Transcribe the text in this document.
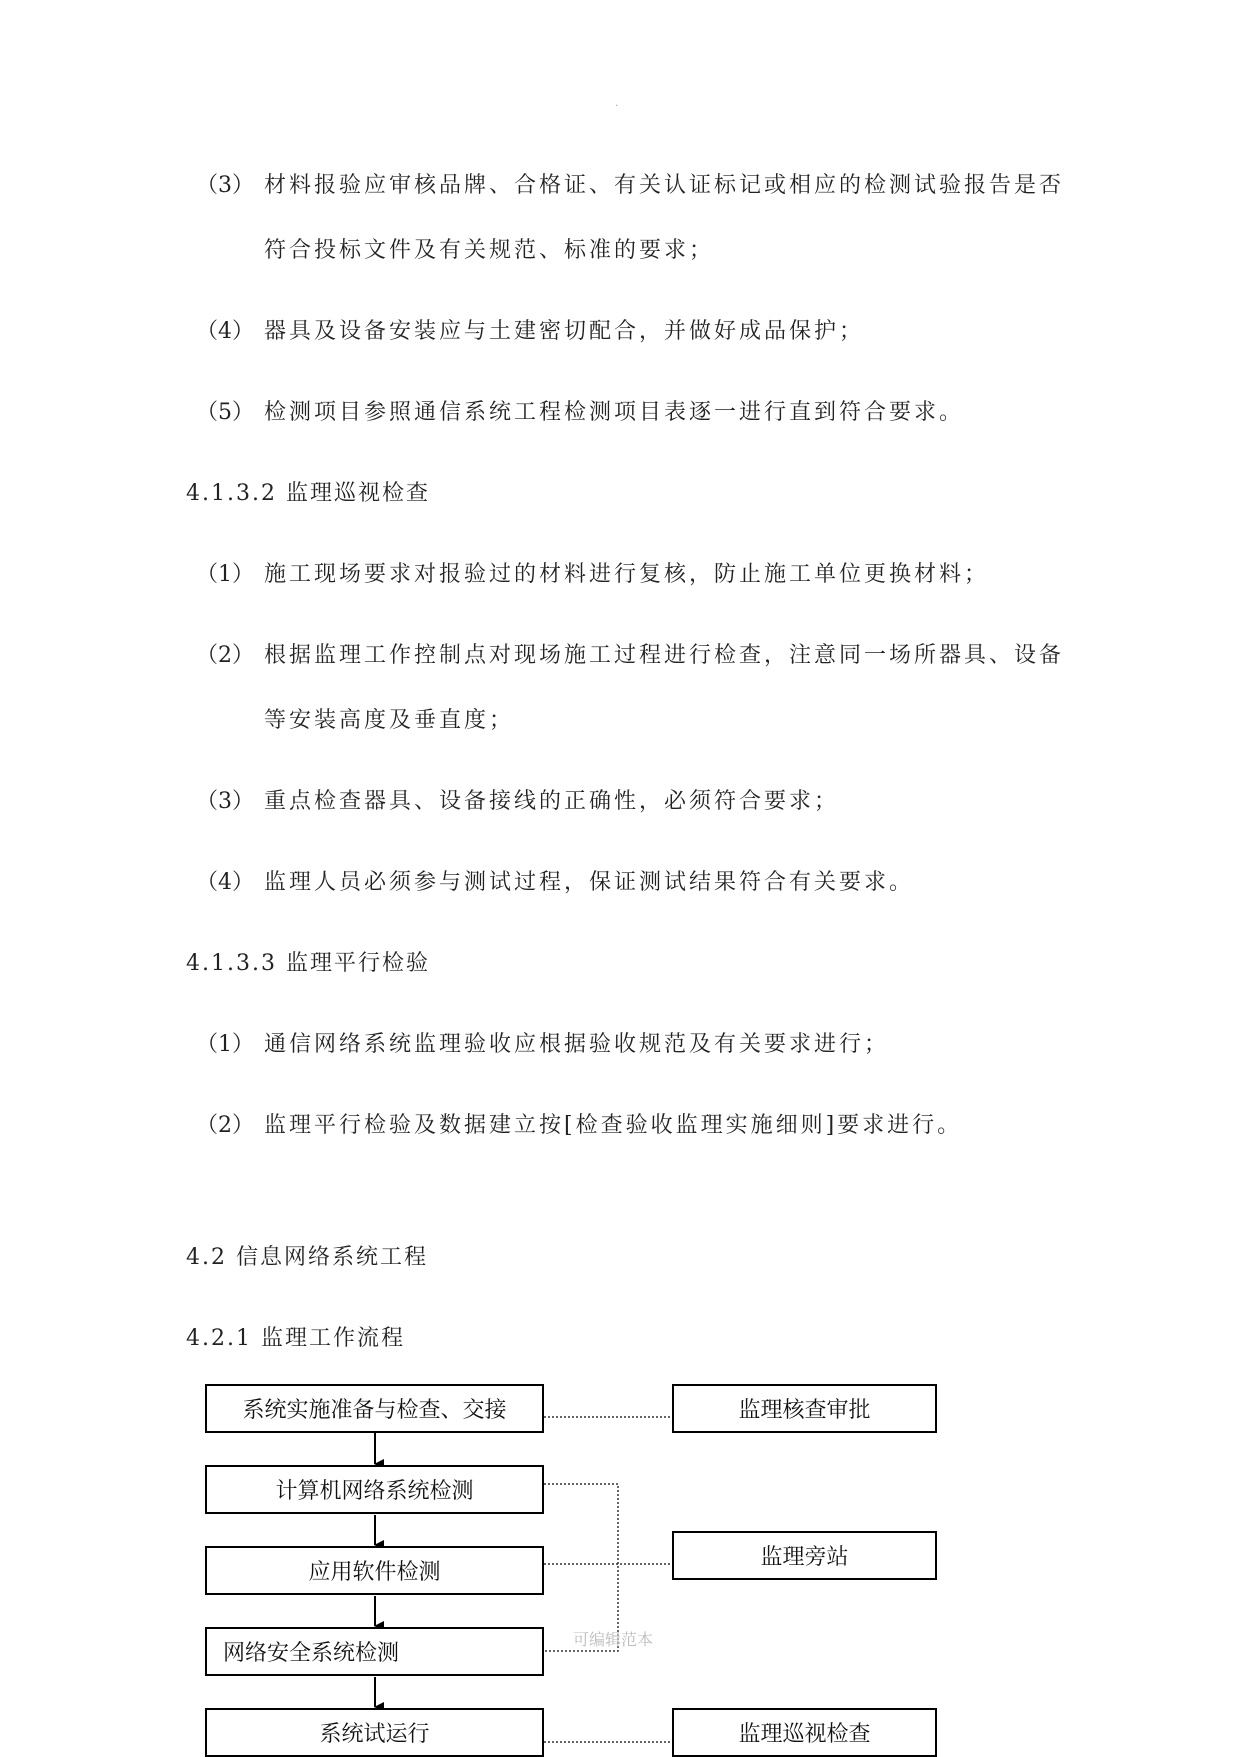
.
（3） 材料报验应审核品牌、合格证、有关认证标记或相应的检测试验报告是否
符合投标文件及有关规范、标准的要求；
（4） 器具及设备安装应与土建密切配合，并做好成品保护；
（5） 检测项目参照通信系统工程检测项目表逐一进行直到符合要求。
4.1.3.2 监理巡视检查
（1） 施工现场要求对报验过的材料进行复核，防止施工单位更换材料；
（2） 根据监理工作控制点对现场施工过程进行检查，注意同一场所器具、设备
等安装高度及垂直度；
（3） 重点检查器具、设备接线的正确性，必须符合要求；
（4） 监理人员必须参与测试过程，保证测试结果符合有关要求。
4.1.3.3 监理平行检验
（1） 通信网络系统监理验收应根据验收规范及有关要求进行；
（2） 监理平行检验及数据建立按[检查验收监理实施细则]要求进行。
4.2 信息网络系统工程
4.2.1 监理工作流程
系统实施准备与检查、交接
计算机网络系统检测
应用软件检测
网络安全系统检测
系统试运行
监理核查审批
监理旁站
监理巡视检查
可编辑范本
